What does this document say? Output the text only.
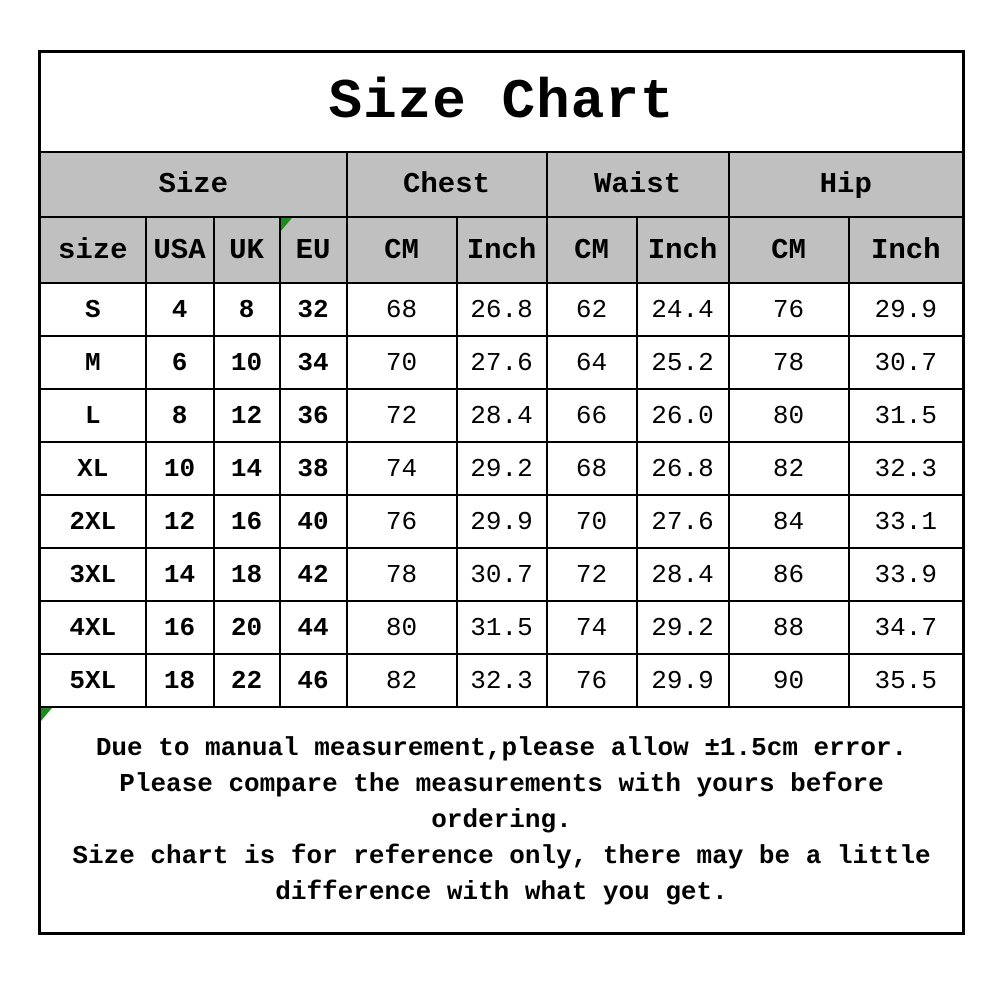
Size Chart									
Size				Chest		Waist		Hip	
size	USA	UK	EU	CM	Inch	CM	Inch	CM	Inch
S	4	8	32	68	26.8	62	24.4	76	29.9
M	6	10	34	70	27.6	64	25.2	78	30.7
L	8	12	36	72	28.4	66	26.0	80	31.5
XL	10	14	38	74	29.2	68	26.8	82	32.3
2XL	12	16	40	76	29.9	70	27.6	84	33.1
3XL	14	18	42	78	30.7	72	28.4	86	33.9
4XL	16	20	44	80	31.5	74	29.2	88	34.7
5XL	18	22	46	82	32.3	76	29.9	90	35.5

Due to manual measurement,please allow ±1.5cm error.
Please compare the measurements with yours before
ordering.
Size chart is for reference only, there may be a little
difference with what you get.									
